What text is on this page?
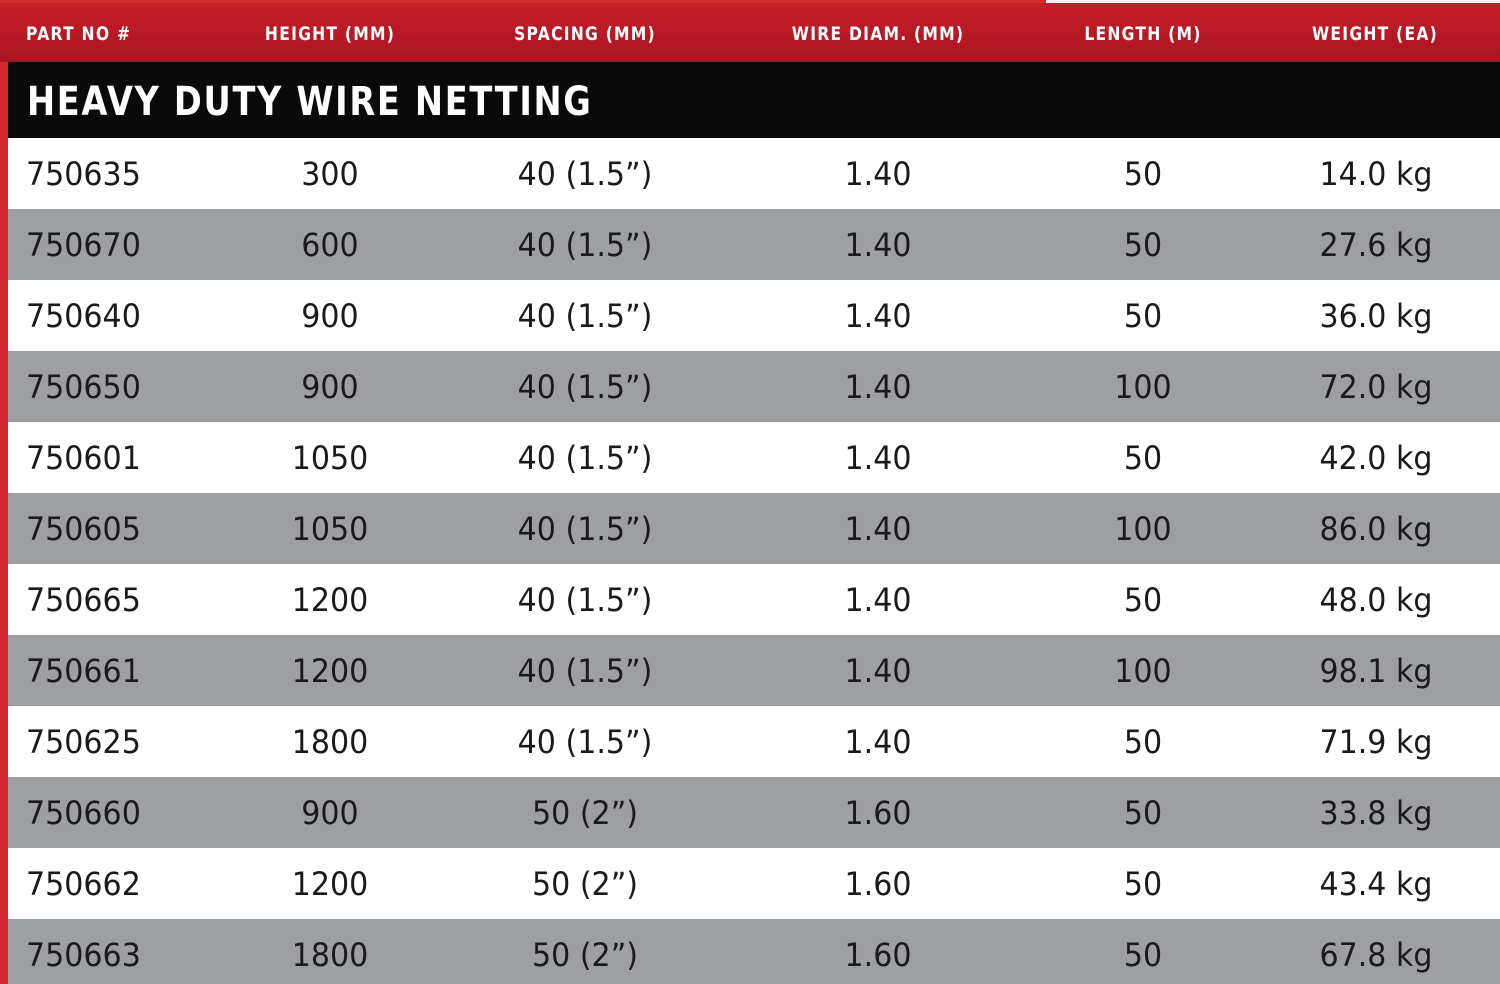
PART NO #	HEIGHT (MM)	SPACING (MM)	WIRE DIAM. (MM)	LENGTH (M)	WEIGHT (EA)
HEAVY DUTY WIRE NETTING
750635	300	40 (1.5”)	1.40	50	14.0 kg
750670	600	40 (1.5”)	1.40	50	27.6 kg
750640	900	40 (1.5”)	1.40	50	36.0 kg
750650	900	40 (1.5”)	1.40	100	72.0 kg
750601	1050	40 (1.5”)	1.40	50	42.0 kg
750605	1050	40 (1.5”)	1.40	100	86.0 kg
750665	1200	40 (1.5”)	1.40	50	48.0 kg
750661	1200	40 (1.5”)	1.40	100	98.1 kg
750625	1800	40 (1.5”)	1.40	50	71.9 kg
750660	900	50 (2”)	1.60	50	33.8 kg
750662	1200	50 (2”)	1.60	50	43.4 kg
750663	1800	50 (2”)	1.60	50	67.8 kg
